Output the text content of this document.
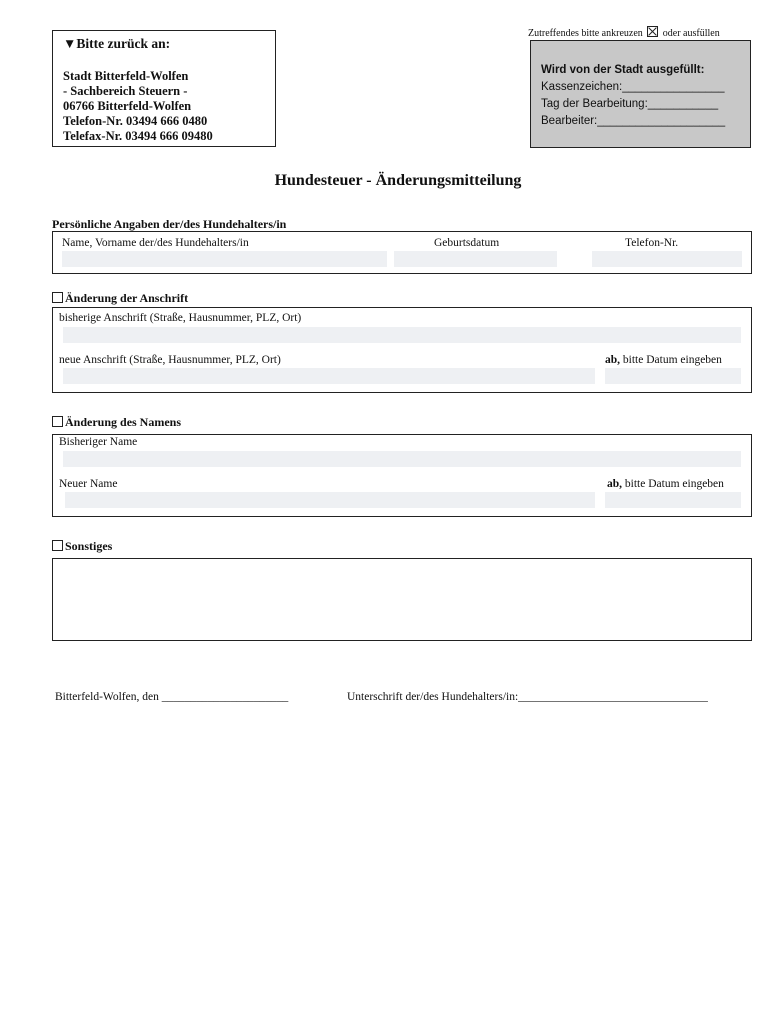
▼Bitte zurück an:
Stadt Bitterfeld-Wolfen
- Sachbereich Steuern -
06766 Bitterfeld-Wolfen
Telefon-Nr. 03494 666 0480
Telefax-Nr. 03494 666 09480
Zutreffendes bitte ankreuzen ☒ oder ausfüllen
Wird von der Stadt ausgefüllt:
Kassenzeichen:________________
Tag der Bearbeitung:___________
Bearbeiter:____________________
Hundesteuer - Änderungsmitteilung
Persönliche Angaben der/des Hundehalters/in
Name, Vorname der/des Hundehalters/in	Geburtsdatum	Telefon-Nr.
Änderung der Anschrift
bisherige Anschrift (Straße, Hausnummer, PLZ, Ort)
neue Anschrift (Straße, Hausnummer, PLZ, Ort)	ab, bitte Datum eingeben
Änderung des Namens
Bisheriger Name
Neuer Name	ab, bitte Datum eingeben
Sonstiges
Bitterfeld-Wolfen, den ______________________	Unterschrift der/des Hundehalters/in:_________________________________
